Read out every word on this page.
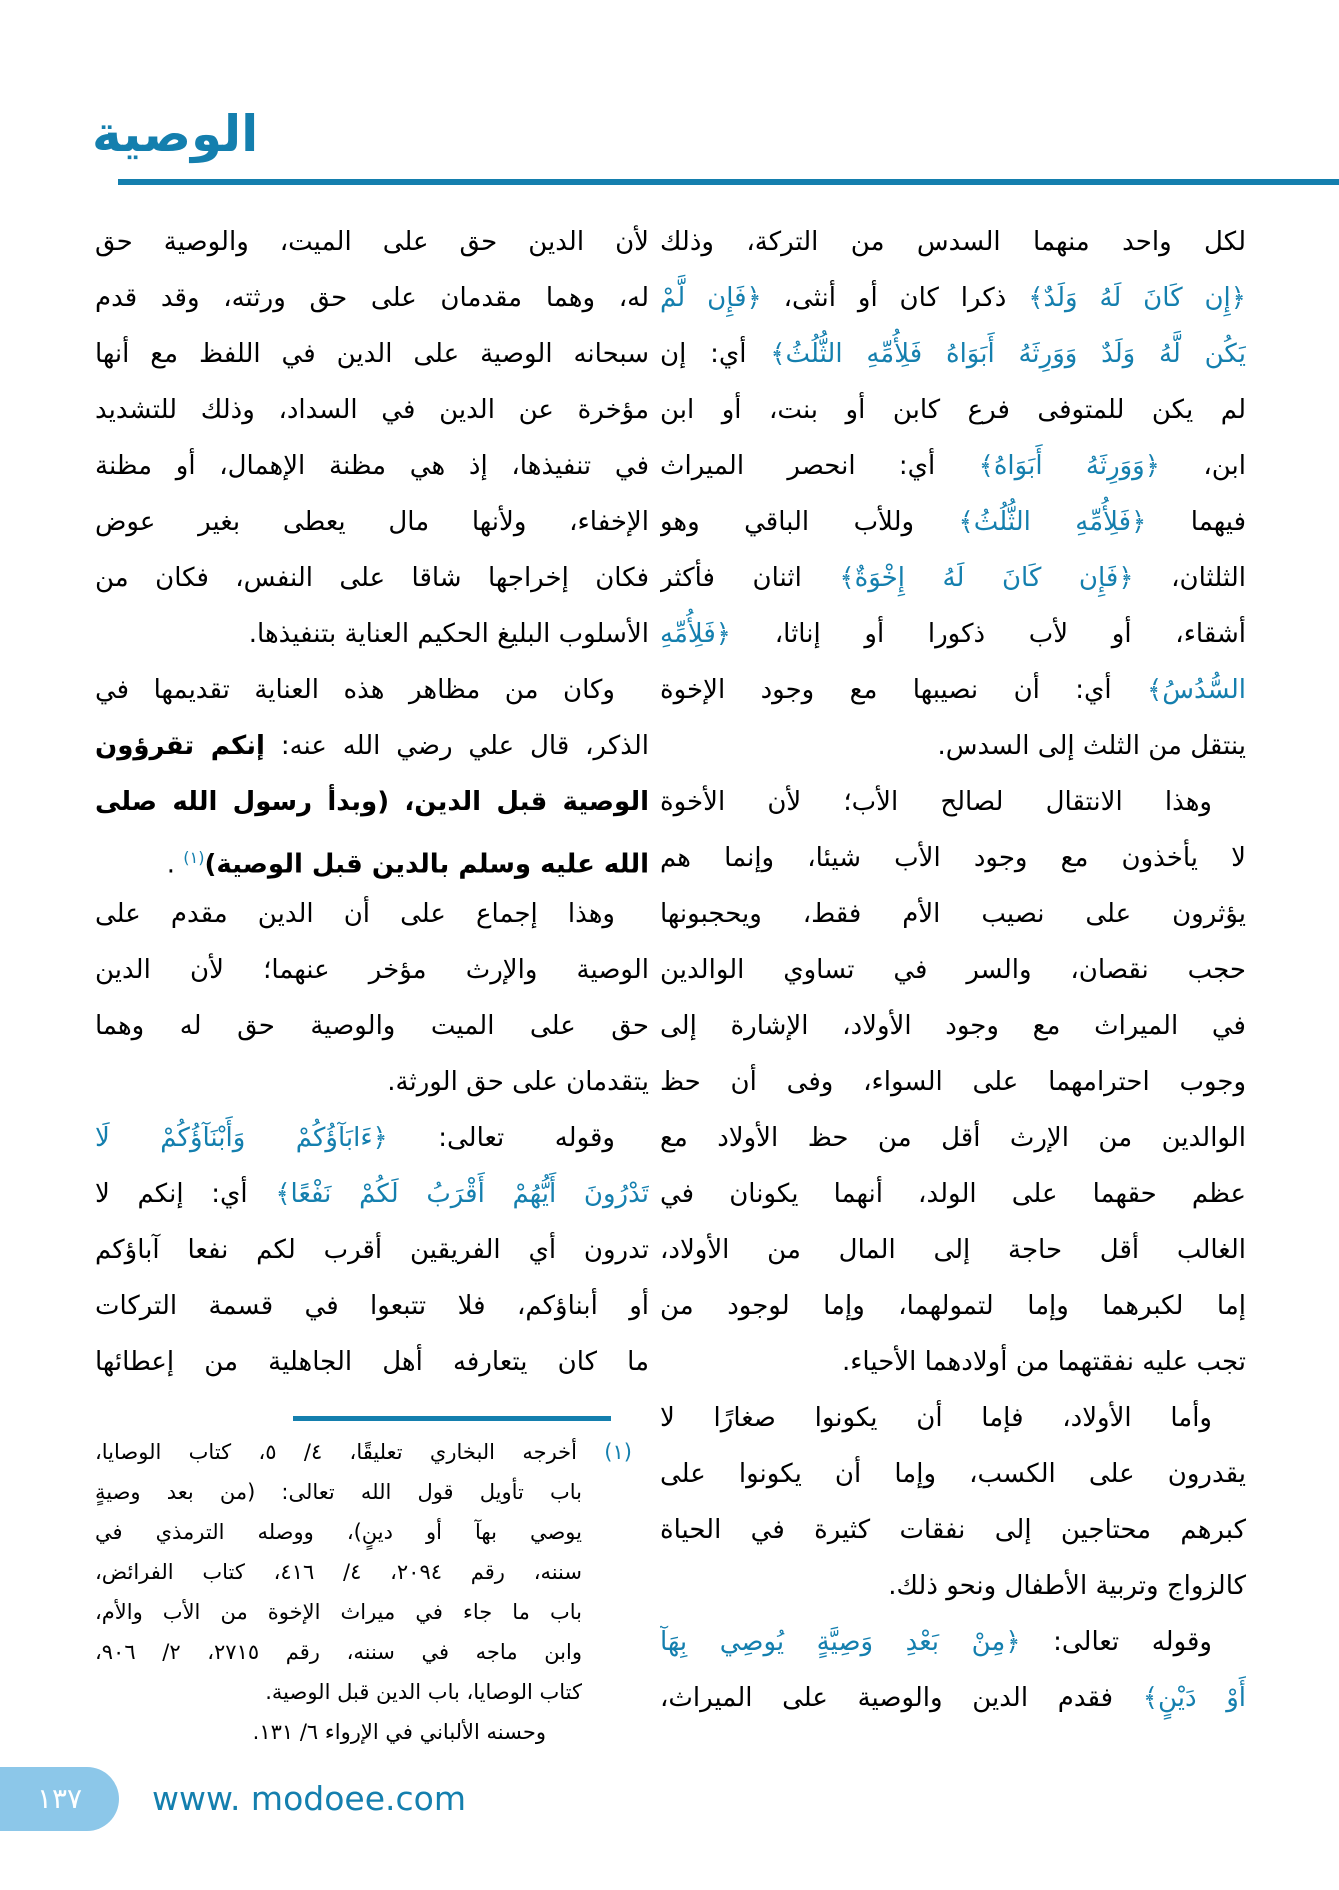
الوصية
لكل واحد منهما السدس من التركة، وذلك
﴿إِن كَانَ لَهُ وَلَدٌ﴾ ذكرا كان أو أنثى، ﴿فَإِن لَّمْ
يَكُن لَّهُ وَلَدٌ وَوَرِثَهُ أَبَوَاهُ فَلِأُمِّهِ الثُّلُثُ﴾ أي: إن
لم يكن للمتوفى فرع كابن أو بنت، أو ابن
ابن، ﴿وَوَرِثَهُ أَبَوَاهُ﴾ أي: انحصر الميراث
فيهما ﴿فَلِأُمِّهِ الثُّلُثُ﴾ وللأب الباقي وهو
الثلثان، ﴿فَإِن كَانَ لَهُ إِخْوَةٌ﴾ اثنان فأكثر
أشقاء، أو لأب ذكورا أو إناثا، ﴿فَلِأُمِّهِ
السُّدُسُ﴾ أي: أن نصيبها مع وجود الإخوة
ينتقل من الثلث إلى السدس.
وهذا الانتقال لصالح الأب؛ لأن الأخوة
لا يأخذون مع وجود الأب شيئا، وإنما هم
يؤثرون على نصيب الأم فقط، ويحجبونها
حجب نقصان، والسر في تساوي الوالدين
في الميراث مع وجود الأولاد، الإشارة إلى
وجوب احترامهما على السواء، وفى أن حظ
الوالدين من الإرث أقل من حظ الأولاد مع
عظم حقهما على الولد، أنهما يكونان في
الغالب أقل حاجة إلى المال من الأولاد،
إما لكبرهما وإما لتمولهما، وإما لوجود من
تجب عليه نفقتهما من أولادهما الأحياء.
وأما الأولاد، فإما أن يكونوا صغارًا لا
يقدرون على الكسب، وإما أن يكونوا على
كبرهم محتاجين إلى نفقات كثيرة في الحياة
كالزواج وتربية الأطفال ونحو ذلك.
وقوله تعالى: ﴿مِنْ بَعْدِ وَصِيَّةٍ يُوصِي بِهَآ
أَوْ دَيْنٍ﴾ فقدم الدين والوصية على الميراث،
لأن الدين حق على الميت، والوصية حق
له، وهما مقدمان على حق ورثته، وقد قدم
سبحانه الوصية على الدين في اللفظ مع أنها
مؤخرة عن الدين في السداد، وذلك للتشديد
في تنفيذها، إذ هي مظنة الإهمال، أو مظنة
الإخفاء، ولأنها مال يعطى بغير عوض
فكان إخراجها شاقا على النفس، فكان من
الأسلوب البليغ الحكيم العناية بتنفيذها.
وكان من مظاهر هذه العناية تقديمها في
الذكر، قال علي رضي الله عنه: إنكم تقرؤون
الوصية قبل الدين، (وبدأ رسول الله صلى
الله عليه وسلم بالدين قبل الوصية)$^{(١)}$ .
وهذا إجماع على أن الدين مقدم على
الوصية والإرث مؤخر عنهما؛ لأن الدين
حق على الميت والوصية حق له وهما
يتقدمان على حق الورثة.
وقوله تعالى: ﴿ءَابَآؤُكُمْ وَأَبْنَآؤُكُمْ لَا
تَدْرُونَ أَيُّهُمْ أَقْرَبُ لَكُمْ نَفْعًا﴾ أي: إنكم لا
تدرون أي الفريقين أقرب لكم نفعا آباؤكم
أو أبناؤكم، فلا تتبعوا في قسمة التركات
ما كان يتعارفه أهل الجاهلية من إعطائها
(١) أخرجه البخاري تعليقًا، ٤/ ٥، كتاب الوصايا،
باب تأويل قول الله تعالى: (من بعد وصيةٍ
يوصي بهآ أو دينٍ)، ووصله الترمذي في
سننه، رقم ٢٠٩٤، ٤/ ٤١٦، كتاب الفرائض،
باب ما جاء في ميراث الإخوة من الأب والأم،
وابن ماجه في سننه، رقم ٢٧١٥، ٢/ ٩٠٦،
كتاب الوصايا، باب الدين قبل الوصية.
وحسنه الألباني في الإرواء ٦/ ١٣١.
١٣٧	www. modoee.com
